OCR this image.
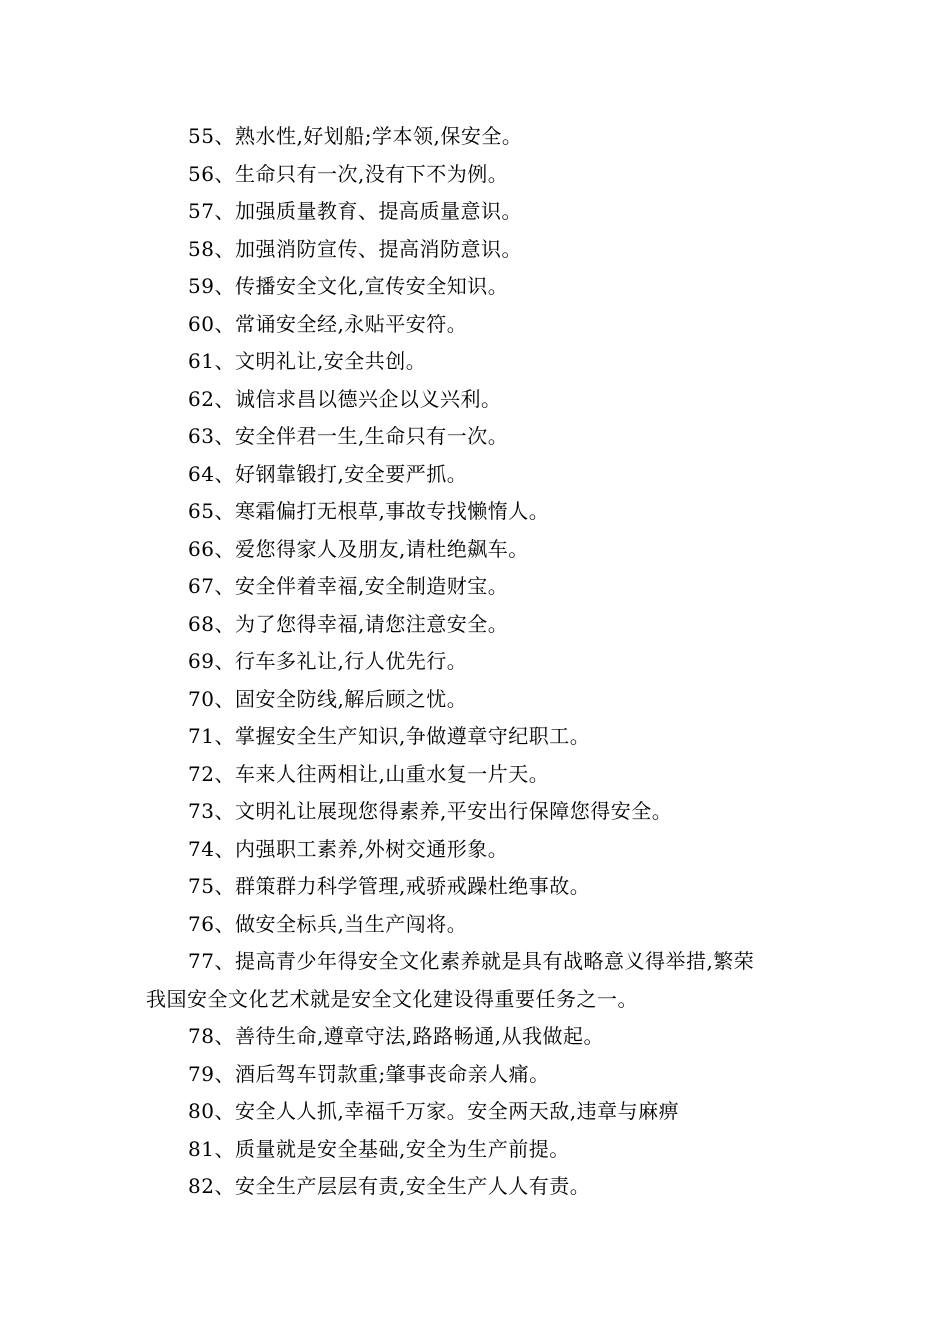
55、熟水性,好划船;学本领,保安全。
56、生命只有一次,没有下不为例。
57、加强质量教育、提高质量意识。
58、加强消防宣传、提高消防意识。
59、传播安全文化,宣传安全知识。
60、常诵安全经,永贴平安符。
61、文明礼让,安全共创。
62、诚信求昌以德兴企以义兴利。
63、安全伴君一生,生命只有一次。
64、好钢靠锻打,安全要严抓。
65、寒霜偏打无根草,事故专找懒惰人。
66、爱您得家人及朋友,请杜绝飙车。
67、安全伴着幸福,安全制造财宝。
68、为了您得幸福,请您注意安全。
69、行车多礼让,行人优先行。
70、固安全防线,解后顾之忧。
71、掌握安全生产知识,争做遵章守纪职工。
72、车来人往两相让,山重水复一片天。
73、文明礼让展现您得素养,平安出行保障您得安全。
74、内强职工素养,外树交通形象。
75、群策群力科学管理,戒骄戒躁杜绝事故。
76、做安全标兵,当生产闯将。
77、提高青少年得安全文化素养就是具有战略意义得举措,繁荣
我国安全文化艺术就是安全文化建设得重要任务之一。
78、善待生命,遵章守法,路路畅通,从我做起。
79、酒后驾车罚款重;肇事丧命亲人痛。
80、安全人人抓,幸福千万家。安全两天敌,违章与麻痹
81、质量就是安全基础,安全为生产前提。
82、安全生产层层有责,安全生产人人有责。
